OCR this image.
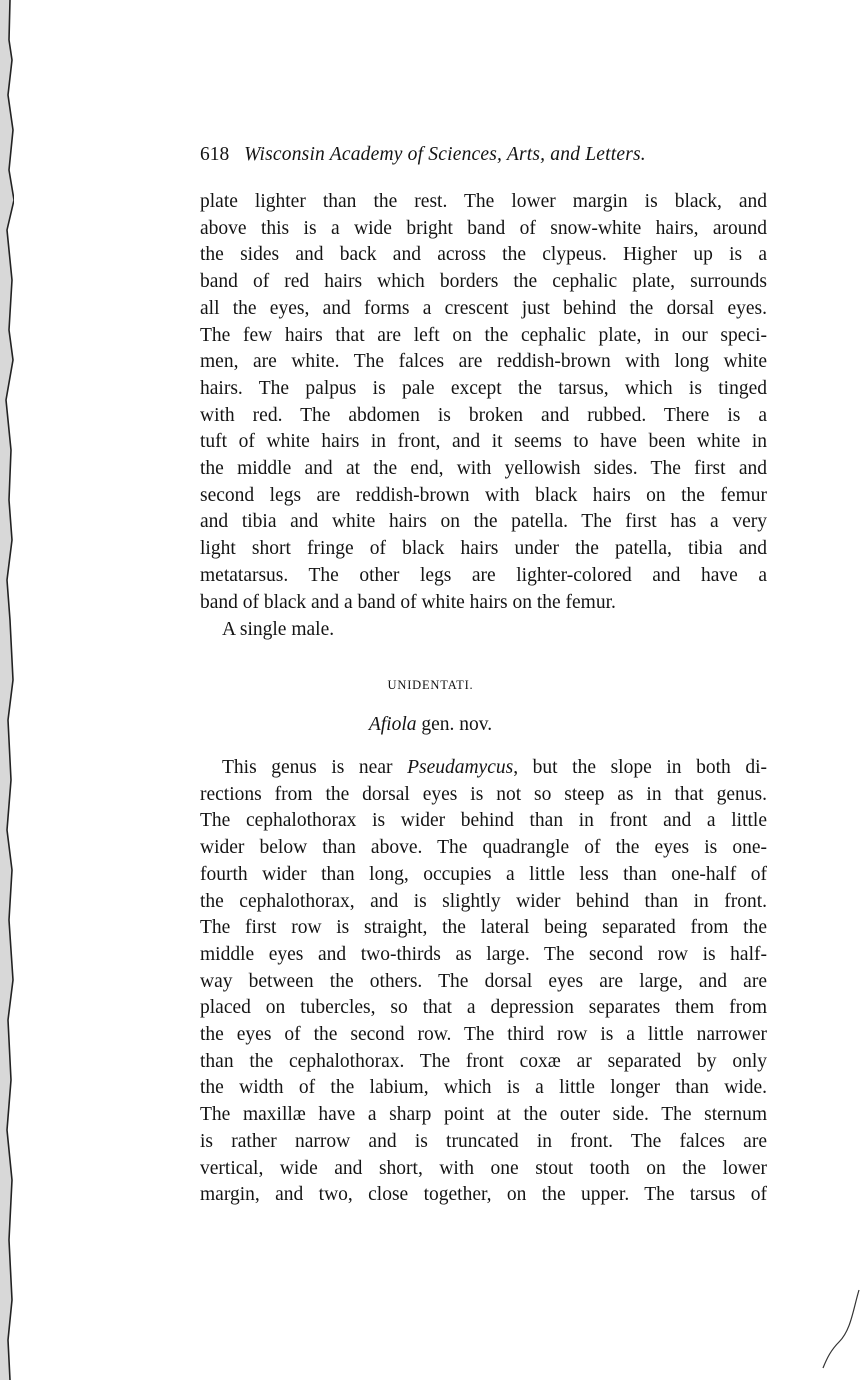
618 Wisconsin Academy of Sciences, Arts, and Letters.
plate lighter than the rest. The lower margin is black, and
above this is a wide bright band of snow-white hairs, around
the sides and back and across the clypeus. Higher up is a
band of red hairs which borders the cephalic plate, surrounds
all the eyes, and forms a crescent just behind the dorsal eyes.
The few hairs that are left on the cephalic plate, in our speci-
men, are white. The falces are reddish-brown with long white
hairs. The palpus is pale except the tarsus, which is tinged
with red. The abdomen is broken and rubbed. There is a
tuft of white hairs in front, and it seems to have been white in
the middle and at the end, with yellowish sides. The first and
second legs are reddish-brown with black hairs on the femur
and tibia and white hairs on the patella. The first has a very
light short fringe of black hairs under the patella, tibia and
metatarsus. The other legs are lighter-colored and have a
band of black and a band of white hairs on the femur.
A single male.
UNIDENTATI.
Afiola gen. nov.
This genus is near Pseudamycus, but the slope in both di-
rections from the dorsal eyes is not so steep as in that genus.
The cephalothorax is wider behind than in front and a little
wider below than above. The quadrangle of the eyes is one-
fourth wider than long, occupies a little less than one-half of
the cephalothorax, and is slightly wider behind than in front.
The first row is straight, the lateral being separated from the
middle eyes and two-thirds as large. The second row is half-
way between the others. The dorsal eyes are large, and are
placed on tubercles, so that a depression separates them from
the eyes of the second row. The third row is a little narrower
than the cephalothorax. The front coxæ ar separated by only
the width of the labium, which is a little longer than wide.
The maxillæ have a sharp point at the outer side. The sternum
is rather narrow and is truncated in front. The falces are
vertical, wide and short, with one stout tooth on the lower
margin, and two, close together, on the upper. The tarsus of
